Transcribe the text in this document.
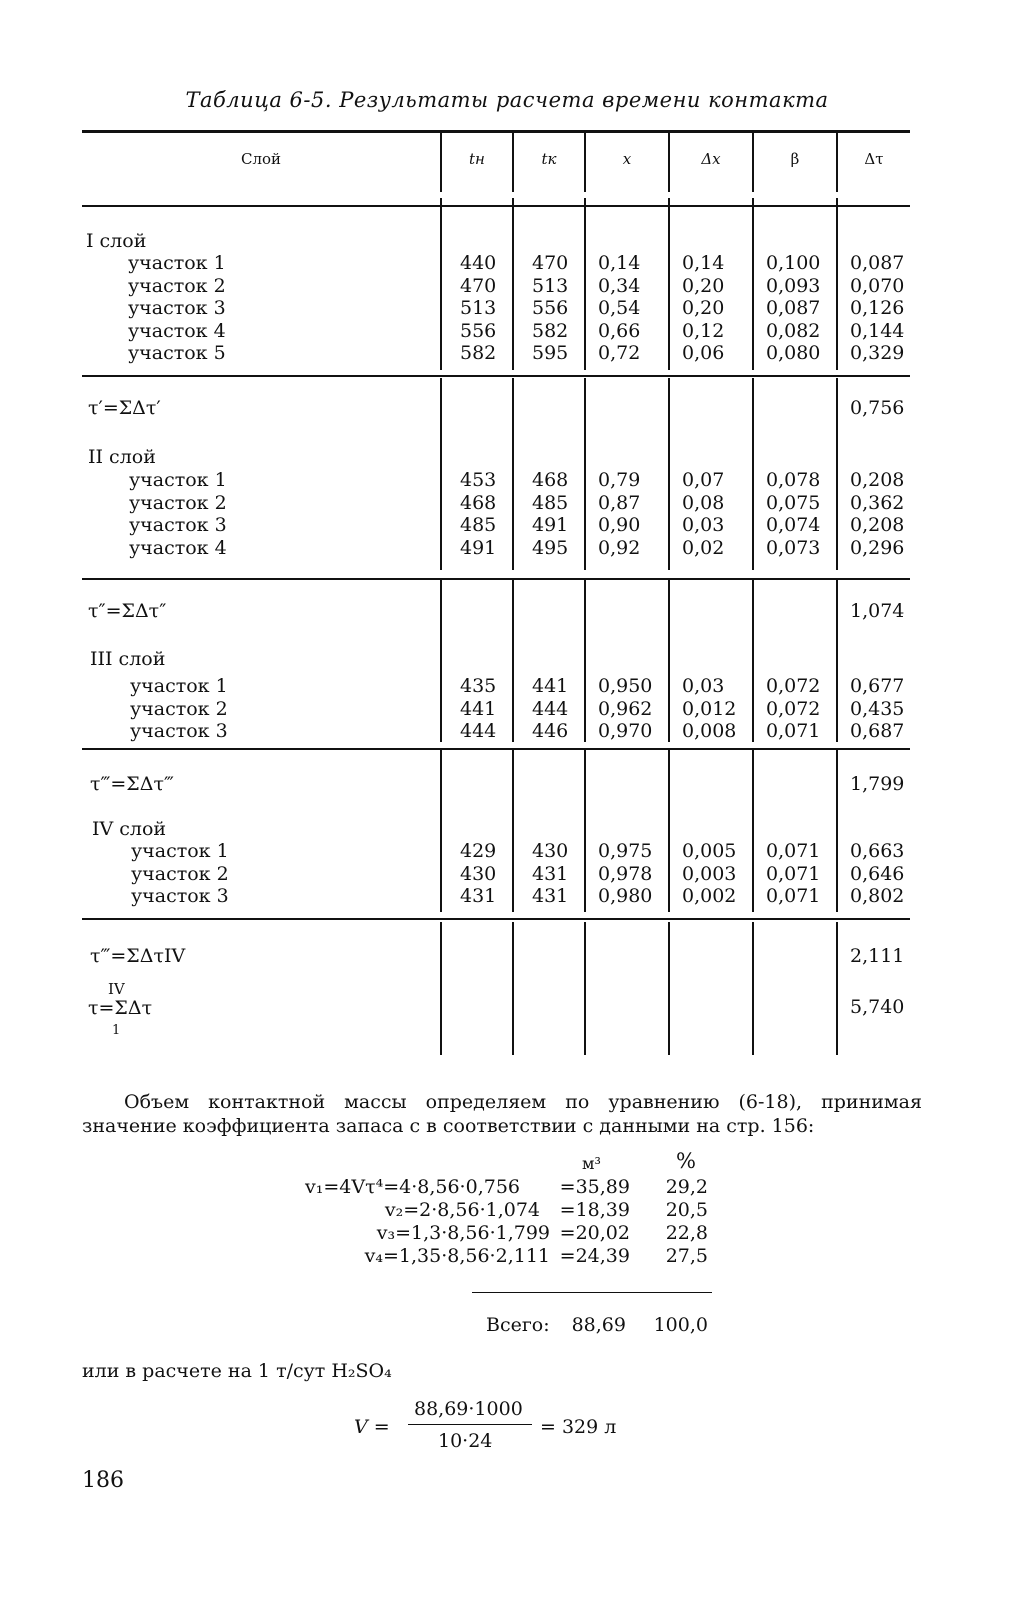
Таблица 6-5. Результаты расчета времени контакта
Слой	tн	tк	x	Δx	β	Δτ
I слой
участок 1	440 470 0,14 0,14 0,100 0,087
участок 2	470 513 0,34 0,20 0,093 0,070
участок 3	513 556 0,54 0,20 0,087 0,126
участок 4	556 582 0,66 0,12 0,082 0,144
участок 5	582 595 0,72 0,06 0,080 0,329
τ′=ΣΔτ′	0,756
II слой
участок 1	453 468 0,79 0,07 0,078 0,208
участок 2	468 485 0,87 0,08 0,075 0,362
участок 3	485 491 0,90 0,03 0,074 0,208
участок 4	491 495 0,92 0,02 0,073 0,296
τ″=ΣΔτ″	1,074
III слой
участок 1	435 441 0,950 0,03 0,072 0,677
участок 2	441 444 0,962 0,012 0,072 0,435
участок 3	444 446 0,970 0,008 0,071 0,687
τ‴=ΣΔτ‴	1,799
IV слой
участок 1	429 430 0,975 0,005 0,071 0,663
участок 2	430 431 0,978 0,003 0,071 0,646
участок 3	431 431 0,980 0,002 0,071 0,802
τ‴=ΣΔτIV	2,111
IV
τ=ΣΔτ
1
5,740
Объем контактной массы определяем по уравнению (6-18), принимая значение коэффициента запаса c в соответствии с данными на стр. 156:
м³	%
v₁=4Vτ⁴=4·8,56·0,756 =35,89 29,2
v₂=2·8,56·1,074 =18,39 20,5
v₃=1,3·8,56·1,799 =20,02 22,8
v₄=1,35·8,56·2,111 =24,39 27,5
Всего: 88,69 100,0
или в расчете на 1 т/сут H₂SO₄
V =
88,69·1000
10·24
= 329 л
186
